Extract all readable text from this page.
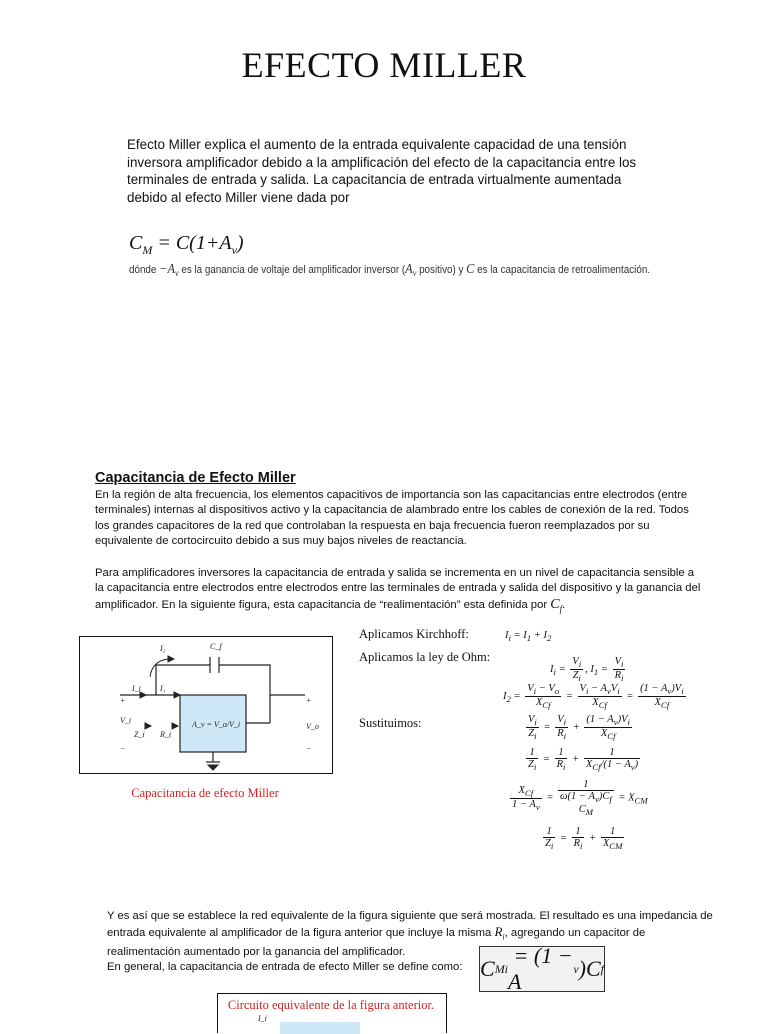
EFECTO MILLER
Efecto Miller explica el aumento de la entrada equivalente capacidad de una tensión inversora amplificador debido a la amplificación del efecto de la capacitancia entre los terminales de entrada y salida. La capacitancia de entrada virtualmente aumentada debido al efecto Miller viene dada por
$C_M = C(1+A_v)$
dónde $-A_v$ es la ganancia de voltaje del amplificador inversor ($A_v$ positivo) y C es la capacitancia de retroalimentación.
Capacitancia de Efecto Miller
En la región de alta frecuencia, los elementos capacitivos de importancia son las capacitancias entre electrodos (entre terminales) internas al dispositivos activo y la capacitancia de alambrado entre los cables de conexión de la red. Todos los grandes capacitores de la red que controlaban la respuesta en baja frecuencia fueron reemplazados por su equivalente de cortocircuito debido a sus muy bajos niveles de reactancia.
Para amplificadores inversores la capacitancia de entrada y salida se incrementa en un nivel de capacitancia sensible a la capacitancia entre electrodos entre electrodos entre las terminales de entrada y salida del dispositivo y la ganancia del amplificador. En la siguiente figura, esta capacitancia de “realimentación” esta definida por $C_f$.
I₂	C_f
I_i I₁
V_i
Z_i R_i
V_o
A_v = V_o/V_i
+
−
+
−
Capacitancia de efecto Miller
Aplicamos Kirchhoff:	$I_i = I_1 + I_2$
Aplicamos la ley de Ohm:
$I_i = \frac{V_i}{Z_i}$ , $I_1 = \frac{V_i}{R_i}$
$I_2 = \frac{V_i - V_o}{X_{Cf}} = \frac{V_i - A_vV_i}{X_{Cf}} = \frac{(1 - A_v)V_i}{X_{Cf}}$
Sustituimos:	$\frac{V_i}{Z_i} = \frac{V_i}{R_i} + \frac{(1 - A_v)V_i}{X_{Cf}}$
$\frac{1}{Z_i} = \frac{1}{R_i} + \frac{1}{X_{Cf}/(1 - A_v)}$
$\frac{X_{Cf}}{1 - A_v}$ =
1
$\omega(1 - A_v)C_f$
$C_M$
= $X_{CM}$
$\frac{1}{Z_i} = \frac{1}{R_i} + \frac{1}{X_{CM}}$
Y es así que se establece la red equivalente de la figura siguiente que será mostrada. El resultado es una impedancia de entrada equivalente al amplificador de la figura anterior que incluye la misma $R_i$, agregando un capacitor de realimentación aumentado por la ganancia del amplificador.
En general, la capacitancia de entrada de efecto Miller se define como: C Mi
= (1 − A
v )C f
Circuito equivalente de la figura anterior.
I_i
